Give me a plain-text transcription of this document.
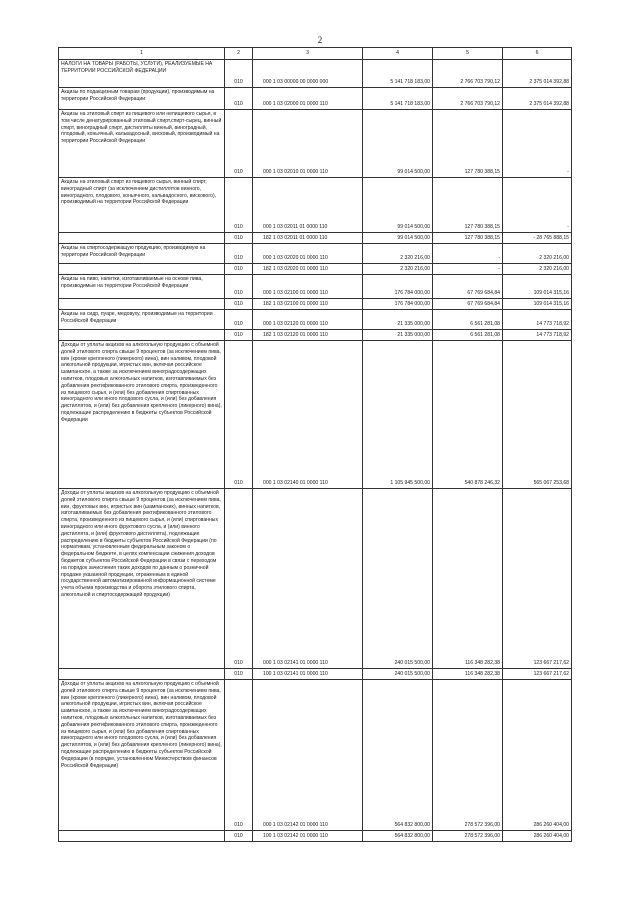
2
1	2	3	4	5	6
НАЛОГИ НА ТОВАРЫ (РАБОТЫ, УСЛУГИ), РЕАЛИЗУЕМЫЕ НА ТЕРРИТОРИИ РОССИЙСКОЙ ФЕДЕРАЦИИ	010	000 1 03 00000 00 0000 000	5 141 718 183,00	2 766 703 790,12	2 375 014 392,88
Акцизы по подакцизным товарам (продукции), производимым на территории Российской Федерации	010	000 1 03 02000 01 0000 110	5 141 718 183,00	2 766 703 790,12	2 375 014 392,88
Акцизы на этиловый спирт из пищевого или непищевого сырья, в том числе денатурированный этиловый спирт,спирт-сырец, винный спирт, виноградный спирт, дистилляты винный, виноградный, плодовый, коньячный, кальвадосный, висковый, производимый на территории Российской Федерации	010	000 1 03 02010 01 0000 110	99 014 500,00	127 780 388,15	-
Акцизы на этиловый спирт из пищевого сырья, винный спирт, виноградный спирт (за исключением дистиллятов винного, виноградного, плодового, коньячного, кальвадосного, вискового), производимый на территории Российской Федерации	010	000 1 03 02011 01 0000 110	99 014 500,00	127 780 388,15	-
	010	182 1 03 02011 01 0000 110	99 014 500,00	127 780 388,15	- 28 765 888,15
Акцизы на спиртосодержащую продукцию, производимую на территории Российской Федерации	010	000 1 03 02020 01 0000 110	2 320 216,00	-	2 320 216,00
	010	182 1 03 02020 01 0000 110	2 320 216,00	-	2 320 216,00
Акцизы на пиво, напитки, изготавливаемые на основе пива, производимые на территории Российской Федерации	010	000 1 03 02100 01 0000 110	176 784 000,00	67 769 684,84	109 014 315,16
	010	182 1 03 02100 01 0000 110	176 784 000,00	67 769 684,84	109 014 315,16
Акцизы на сидр, пуаре, медовуху, производимые на территории Российской Федерации	010	000 1 03 02120 01 0000 110	21 335 000,00	6 561 281,08	14 773 718,92
	010	182 1 03 02120 01 0000 110	21 335 000,00	6 561 281,08	14 773 718,92
Доходы от уплаты акцизов на алкогольную продукцию с объемной долей этилового спирта свыше 9 процентов (за исключением пива, вин (кроме крепленого (ликерного) вина), вин наливом, плодовой алкогольной продукции, игристых вин, включая российское шампанское, а также за исключением виноградосодержащих напитков, плодовых алкогольных напитков, изготавливаемых без добавления ректификованного этилового спирта, произведенного из пищевого сырья, и (или) без добавления спиртованных виноградного или иного плодового сусла, и (или) без добавления дистиллятов, и (или) без добавления крепленого (ликерного) вина), подлежащие распределению в бюджеты субъектов Российской Федерации	010	000 1 03 02140 01 0000 110	1 105 945 500,00	540 878 246,32	565 067 253,68
Доходы от уплаты акцизов на алкогольную продукцию с объемной долей этилового спирта свыше 9 процентов (за исключением пива, вин, фруктовых вин, игристых вин (шампанских), винных напитков, изготавливаемых без добавления ректификованного этилового спирта, произведенного из пищевого сырья, и (или) спиртованных виноградного или иного фруктового сусла, и (или) винного дистиллята, и (или) фруктового дистиллята), подлежащие распределению в бюджеты субъектов Российской Федерации (по нормативам, установленным федеральным законом о федеральном бюджете, в целях компенсации снижения доходов бюджетов субъектов Российской Федерации в связи с переходом на порядок зачисления таких доходов по данным о розничной продаже указанной продукции, отраженным в единой государственной автоматизированной информационной системе учета объема производства и оборота этилового спирта, алкогольной и спиртосодержащей продукции)	010	000 1 03 02141 01 0000 110	240 015 500,00	116 348 282,38	123 667 217,62
	010	100 1 03 02141 01 0000 110	240 015 500,00	116 348 282,38	123 667 217,62
Доходы от уплаты акцизов на алкогольную продукцию с объемной долей этилового спирта свыше 9 процентов (за исключением пива, вин (кроме крепленого (ликерного) вина), вин наливом, плодовой алкогольной продукции, игристых вин, включая российское шампанское, а также за исключением виноградосодержащих напитков, плодовых алкогольных напитков, изготавливаемых без добавления ректификованного этилового спирта, произведенного из пищевого сырья, и (или) без добавления спиртованных виноградного или иного плодового сусла, и (или) без добавления дистиллятов, и (или) без добавления крепленого (ликерного) вина), подлежащие распределению в бюджеты субъектов Российской Федерации (в порядке, установленном Министерством финансов Российской Федерации)	010	000 1 03 02142 01 0000 110	564 832 800,00	278 572 396,00	286 260 404,00
	010	100 1 03 02142 01 0000 110	564 832 800,00	278 572 396,00	286 260 404,00
